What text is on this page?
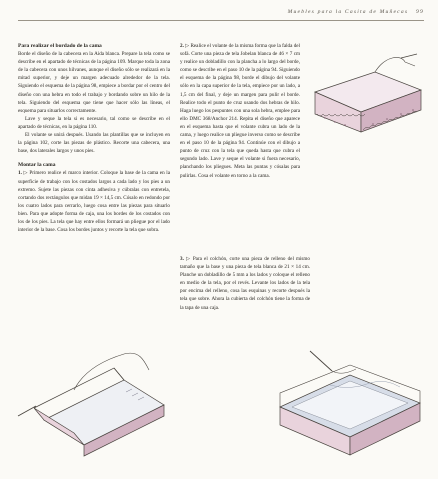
Muebles para la Casita de Muñecas 99
Para realizar el bordado de la cama

Borde el diseño de la cabecera en la Aida blanca. Prepare la tela como se describe en el apartado de técnicas de la página 109. Marque toda la zona de la cabecera con unos hilvanes, aunque el diseño sólo se realizará en la mitad superior, y deje un margen adecuado alrededor de la tela. Siguiendo el esquema de la página 98, empiece a bordar por el centro del diseño con una hebra en todo el trabajo y bordando sobre un hilo de la tela. Siguiendo del esquema que tiene que hacer sólo las líneas, el esquema para situarlos correctamente.

Lave y seque la tela si es necesario, tal como se describe en el apartado de técnicas, en la página 110.

El volante se unirá después. Usando las plantillas que se incluyen en la página 102, corte las piezas de plástico. Recorte una cabecera, una base, dos laterales largos y unos pies.

Montar la cama

1. ▷ Primero realice el marco interior. Coloque la base de la cama en la superficie de trabajo con los costados largos a cada lado y los pies a un extremo. Sujete las piezas con cinta adhesiva y cúbralas con entretela, cortando dos rectángulos que midan 19 × 14,5 cm. Cósalo en redondo por los cuatro lados para cerrarlo, luego cosa entre las piezas para situarlo bien. Para que adopte forma de caja, una los bordes de los costados con los de los pies. La tela que hay entre ellos formará un pliegue por el lado interior de la base. Cosa los bordes juntos y recorte la tela que sobra.

2. ▷ Realice el volante de la misma forma que la falda del sofá. Corte una pieza de tela Jobelan blanca de 46 × 7 cm y realice un dobladillo con la plancha a lo largo del borde, como se describe en el paso 10 de la página 94. Siguiendo el esquema de la página 98, borde el dibujo del volante sólo en la capa superior de la tela, empiece por un lado, a 1,5 cm del final, y deje un margen para pulir el borde. Realice todo el punto de cruz usando dos hebras de hilo. Haga luego los pespuntes con una sola hebra, emplee para ello DMC 368/Anchor 214. Repita el diseño que aparece en el esquema hasta que el volante cubra un lado de la cama, y luego realice un pliegue inverso como se describe en el paso 10 de la página 94. Continúe con el dibujo a punto de cruz con la tela que queda hasta que cubra el segundo lado. Lave y seque el volante si fuera necesario, planchando los pliegues. Meta las puntas y cósalas para pulirlas. Cosa el volante en torno a la cama.

3. ▷ Para el colchón, corte una pieza de relleno del mismo tamaño que la base y una pieza de tela blanca de 21 × 14 cm. Planche un dobladillo de 5 mm a los lados y coloque el relleno en medio de la tela, por el revés. Levante los lados de la tela por encima del relleno, cosa las esquinas y recorte después la tela que sobre. Ahora la cubierta del colchón tiene la forma de la tapa de una caja.
